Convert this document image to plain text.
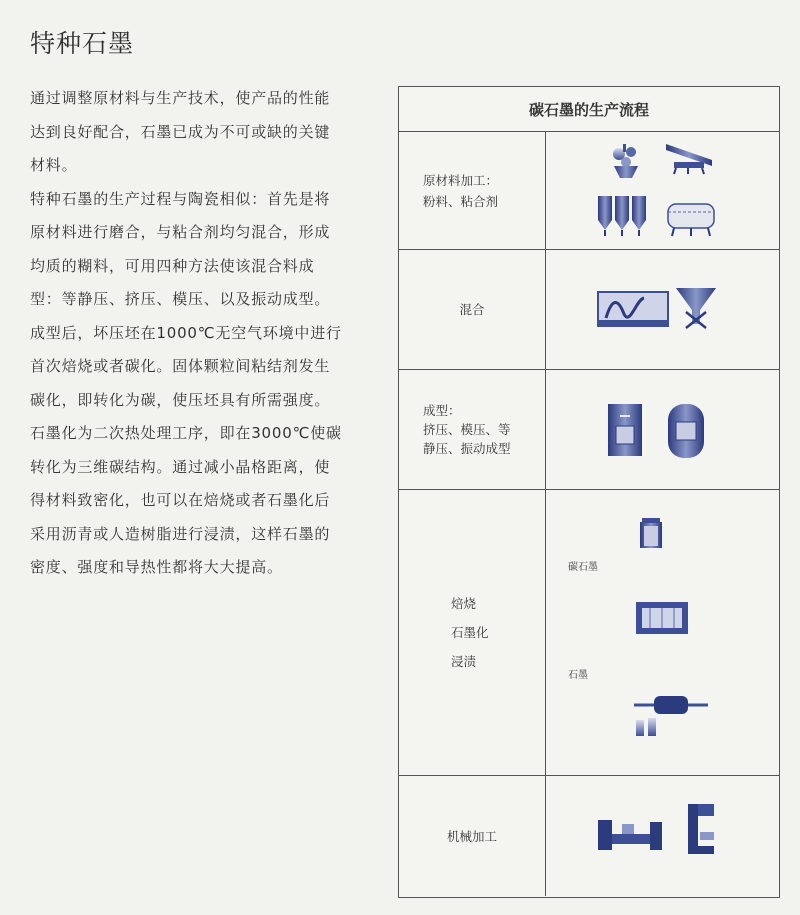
特种石墨

通过调整原材料与生产技术，使产品的性能达到良好配合，石墨已成为不可或缺的关键材料。

特种石墨的生产过程与陶瓷相似：首先是将原材料进行磨合，与粘合剂均匀混合，形成均质的糊料，可用四种方法使该混合料成型：等静压、挤压、模压、以及振动成型。成型后，坏压坯在1000℃无空气环境中进行首次焙烧或者碳化。固体颗粒间粘结剂发生碳化，即转化为碳，使压坯具有所需强度。石墨化为二次热处理工序，即在3000℃使碳转化为三维碳结构。通过减小晶格距离，使得材料致密化，也可以在焙烧或者石墨化后采用沥青或人造树脂进行浸渍，这样石墨的密度、强度和导热性都将大大提高。

碳石墨的生产流程
原材料加工：
粉料、粘合剂
混合
成型：
挤压、模压、等
静压、振动成型
焙烧
石墨化
浸渍
碳石墨
石墨
机械加工
